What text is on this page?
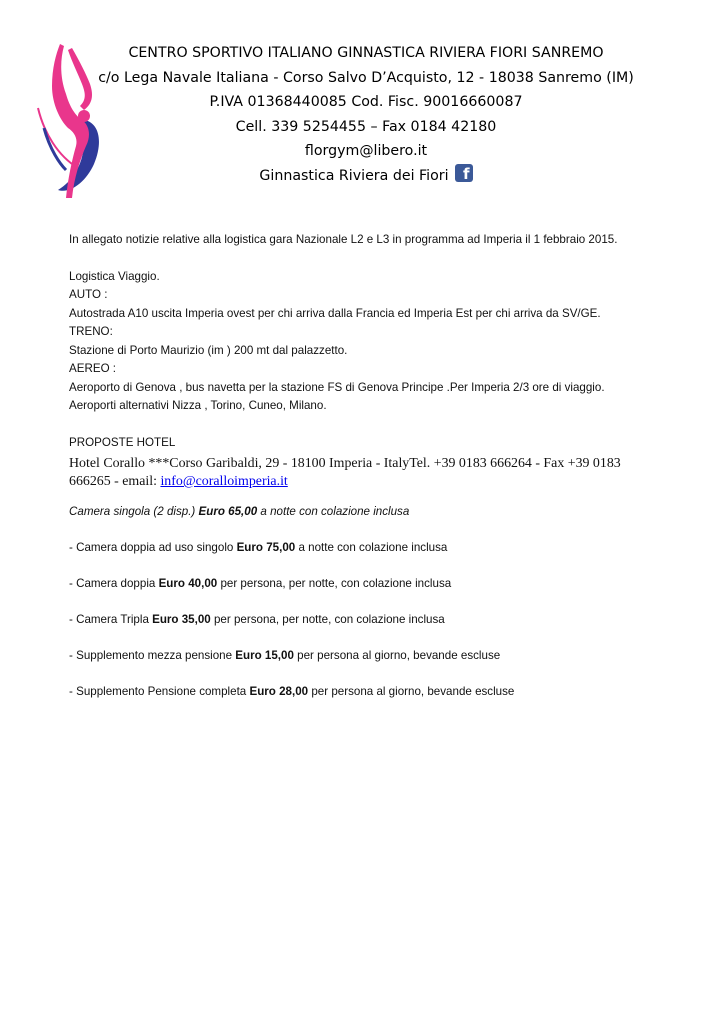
CENTRO SPORTIVO ITALIANO GINNASTICA RIVIERA FIORI SANREMO
c/o Lega Navale Italiana - Corso Salvo D’Acquisto, 12 - 18038 Sanremo (IM)
P.IVA 01368440085 Cod. Fisc. 90016660087
Cell. 339 5254455 – Fax 0184 42180
florgym@libero.it
Ginnastica Riviera dei Fiori f
In allegato notizie relative alla logistica gara Nazionale L2 e L3 in programma ad Imperia il 1 febbraio 2015.
Logistica Viaggio.
AUTO :
Autostrada A10 uscita Imperia ovest per chi arriva dalla Francia ed Imperia Est per chi arriva da SV/GE.
TRENO:
Stazione di Porto Maurizio (im ) 200 mt dal palazzetto.
AEREO :
Aeroporto di Genova , bus navetta per la stazione FS di Genova Principe .Per Imperia 2/3 ore di viaggio.
Aeroporti alternativi Nizza , Torino, Cuneo, Milano.
PROPOSTE HOTEL
Hotel Corallo ***Corso Garibaldi, 29 - 18100 Imperia - ItalyTel. +39 0183 666264 - Fax +39 0183
666265 - email: info@coralloimperia.it
Camera singola (2 disp.) Euro 65,00 a notte con colazione inclusa
- Camera doppia ad uso singolo Euro 75,00 a notte con colazione inclusa
- Camera doppia Euro 40,00 per persona, per notte, con colazione inclusa
- Camera Tripla Euro 35,00 per persona, per notte, con colazione inclusa
- Supplemento mezza pensione Euro 15,00 per persona al giorno, bevande escluse
- Supplemento Pensione completa Euro 28,00 per persona al giorno, bevande escluse
